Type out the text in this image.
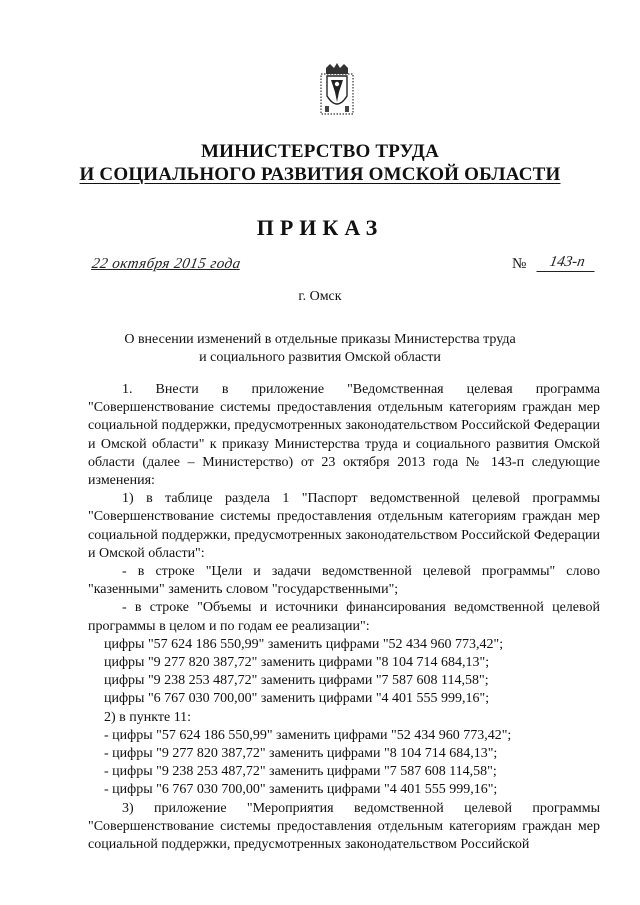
МИНИСТЕРСТВО ТРУДА
И СОЦИАЛЬНОГО РАЗВИТИЯ ОМСКОЙ ОБЛАСТИ
ПРИКАЗ
22 октября 2015 года	№	143-п
г. Омск
О внесении изменений в отдельные приказы Министерства труда и социального развития Омской области

1. Внести в приложение "Ведомственная целевая программа "Совершенствование системы предоставления отдельным категориям граждан мер социальной поддержки, предусмотренных законодательством Российской Федерации и Омской области" к приказу Министерства труда и социального развития Омской области (далее – Министерство) от 23 октября 2013 года № 143-п следующие изменения:

1) в таблице раздела 1 "Паспорт ведомственной целевой программы "Совершенствование системы предоставления отдельным категориям граждан мер социальной поддержки, предусмотренных законодательством Российской Федерации и Омской области":

- в строке "Цели и задачи ведомственной целевой программы" слово "казенными" заменить словом "государственными";

- в строке "Объемы и источники финансирования ведомственной целевой программы в целом и по годам ее реализации":

цифры "57 624 186 550,99" заменить цифрами "52 434 960 773,42";

цифры "9 277 820 387,72" заменить цифрами "8 104 714 684,13";

цифры "9 238 253 487,72" заменить цифрами "7 587 608 114,58";

цифры "6 767 030 700,00" заменить цифрами "4 401 555 999,16";

2) в пункте 11:

- цифры "57 624 186 550,99" заменить цифрами "52 434 960 773,42";

- цифры "9 277 820 387,72" заменить цифрами "8 104 714 684,13";

- цифры "9 238 253 487,72" заменить цифрами "7 587 608 114,58";

- цифры "6 767 030 700,00" заменить цифрами "4 401 555 999,16";

3) приложение "Мероприятия ведомственной целевой программы "Совершенствование системы предоставления отдельным категориям граждан мер социальной поддержки, предусмотренных законодательством Российской
